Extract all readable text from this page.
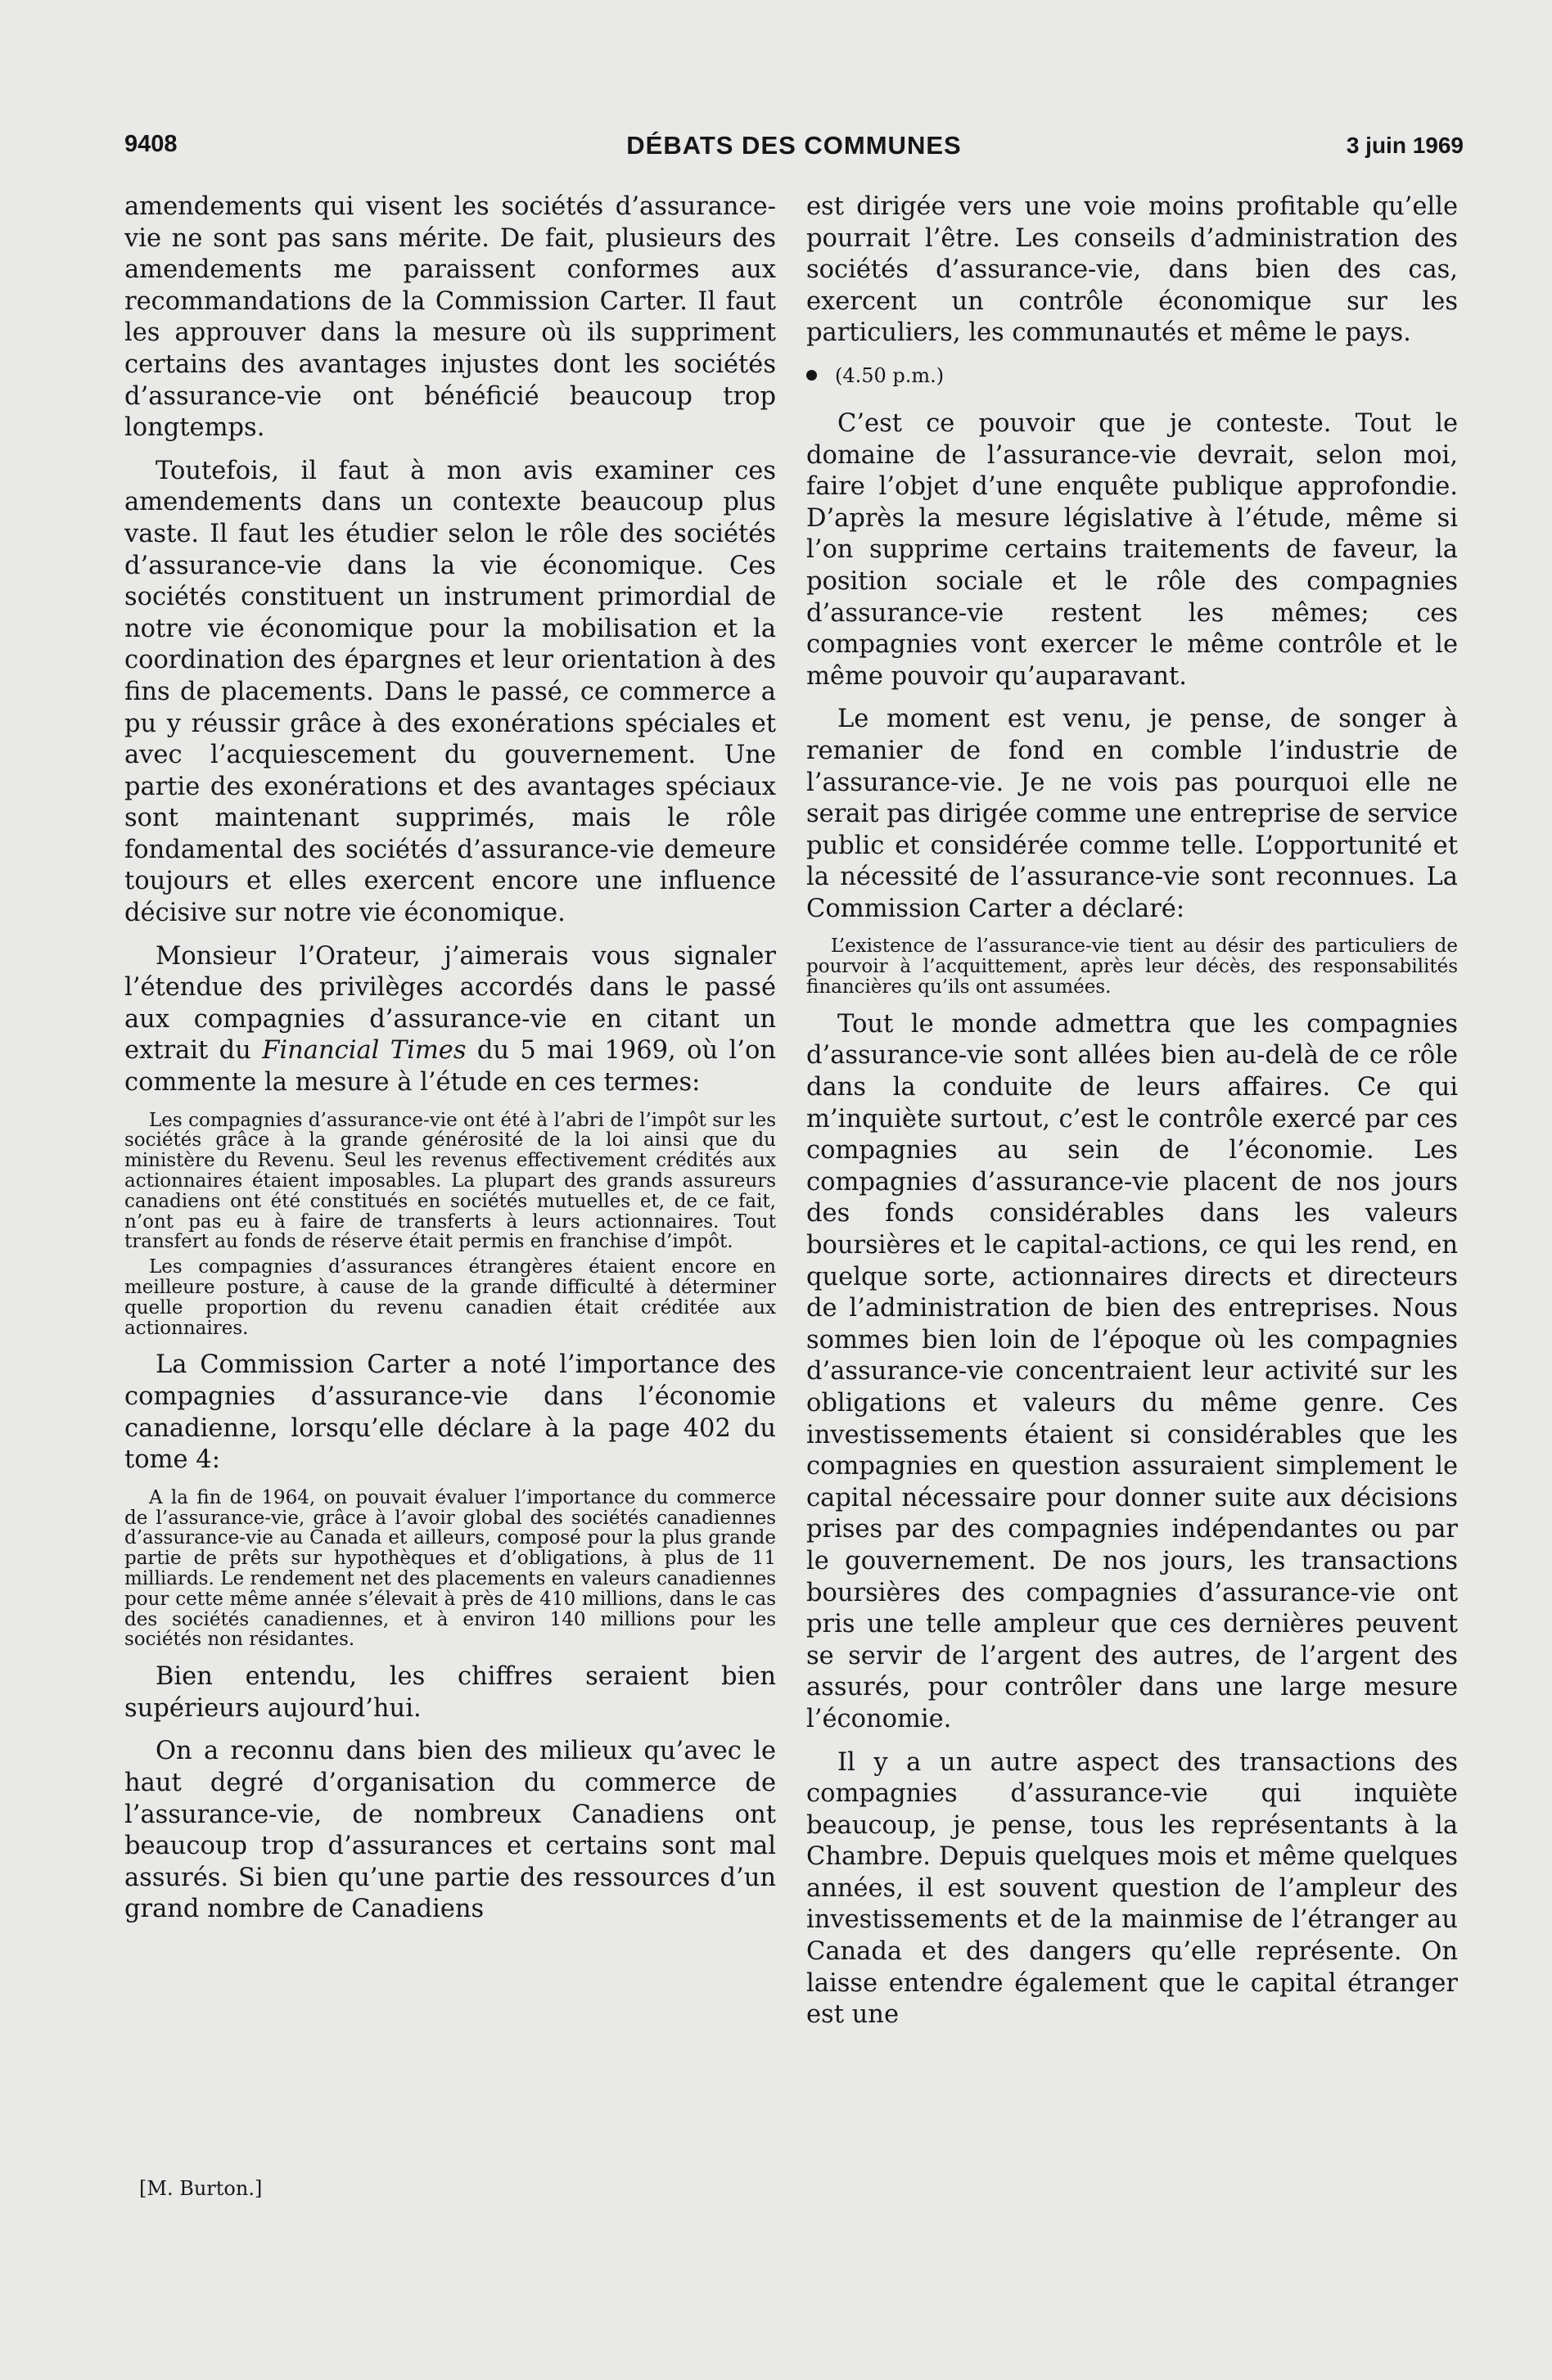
9408	DÉBATS DES COMMUNES	3 juin 1969

amendements qui visent les sociétés d’assurance-vie ne sont pas sans mérite. De fait, plusieurs des amendements me paraissent conformes aux recommandations de la Commission Carter. Il faut les approuver dans la mesure où ils suppriment certains des avantages injustes dont les sociétés d’assurance-vie ont bénéficié beaucoup trop longtemps.

Toutefois, il faut à mon avis examiner ces amendements dans un contexte beaucoup plus vaste. Il faut les étudier selon le rôle des sociétés d’assurance-vie dans la vie économique. Ces sociétés constituent un instrument primordial de notre vie économique pour la mobilisation et la coordination des épargnes et leur orientation à des fins de placements. Dans le passé, ce commerce a pu y réussir grâce à des exonérations spéciales et avec l’acquiescement du gouvernement. Une partie des exonérations et des avantages spéciaux sont maintenant supprimés, mais le rôle fondamental des sociétés d’assurance-vie demeure toujours et elles exercent encore une influence décisive sur notre vie économique.

Monsieur l’Orateur, j’aimerais vous signaler l’étendue des privilèges accordés dans le passé aux compagnies d’assurance-vie en citant un extrait du Financial Times du 5 mai 1969, où l’on commente la mesure à l’étude en ces termes:

Les compagnies d’assurance-vie ont été à l’abri de l’impôt sur les sociétés grâce à la grande générosité de la loi ainsi que du ministère du Revenu. Seul les revenus effectivement crédités aux actionnaires étaient imposables. La plupart des grands assureurs canadiens ont été constitués en sociétés mutuelles et, de ce fait, n’ont pas eu à faire de transferts à leurs actionnaires. Tout transfert au fonds de réserve était permis en franchise d’impôt.
Les compagnies d’assurances étrangères étaient encore en meilleure posture, à cause de la grande difficulté à déterminer quelle proportion du revenu canadien était créditée aux actionnaires.

La Commission Carter a noté l’importance des compagnies d’assurance-vie dans l’économie canadienne, lorsqu’elle déclare à la page 402 du tome 4:

A la fin de 1964, on pouvait évaluer l’importance du commerce de l’assurance-vie, grâce à l’avoir global des sociétés canadiennes d’assurance-vie au Canada et ailleurs, composé pour la plus grande partie de prêts sur hypothèques et d’obligations, à plus de 11 milliards. Le rendement net des placements en valeurs canadiennes pour cette même année s’élevait à près de 410 millions, dans le cas des sociétés canadiennes, et à environ 140 millions pour les sociétés non résidantes.

Bien entendu, les chiffres seraient bien supérieurs aujourd’hui.

On a reconnu dans bien des milieux qu’avec le haut degré d’organisation du commerce de l’assurance-vie, de nombreux Canadiens ont beaucoup trop d’assurances et certains sont mal assurés. Si bien qu’une partie des ressources d’un grand nombre de Canadiens

[M. Burton.]

est dirigée vers une voie moins profitable qu’elle pourrait l’être. Les conseils d’administration des sociétés d’assurance-vie, dans bien des cas, exercent un contrôle économique sur les particuliers, les communautés et même le pays.

(4.50 p.m.)

C’est ce pouvoir que je conteste. Tout le domaine de l’assurance-vie devrait, selon moi, faire l’objet d’une enquête publique approfondie. D’après la mesure législative à l’étude, même si l’on supprime certains traitements de faveur, la position sociale et le rôle des compagnies d’assurance-vie restent les mêmes; ces compagnies vont exercer le même contrôle et le même pouvoir qu’auparavant.

Le moment est venu, je pense, de songer à remanier de fond en comble l’industrie de l’assurance-vie. Je ne vois pas pourquoi elle ne serait pas dirigée comme une entreprise de service public et considérée comme telle. L’opportunité et la nécessité de l’assurance-vie sont reconnues. La Commission Carter a déclaré:

L’existence de l’assurance-vie tient au désir des particuliers de pourvoir à l’acquittement, après leur décès, des responsabilités financières qu’ils ont assumées.

Tout le monde admettra que les compagnies d’assurance-vie sont allées bien au-delà de ce rôle dans la conduite de leurs affaires. Ce qui m’inquiète surtout, c’est le contrôle exercé par ces compagnies au sein de l’économie. Les compagnies d’assurance-vie placent de nos jours des fonds considérables dans les valeurs boursières et le capital-actions, ce qui les rend, en quelque sorte, actionnaires directs et directeurs de l’administration de bien des entreprises. Nous sommes bien loin de l’époque où les compagnies d’assurance-vie concentraient leur activité sur les obligations et valeurs du même genre. Ces investissements étaient si considérables que les compagnies en question assuraient simplement le capital nécessaire pour donner suite aux décisions prises par des compagnies indépendantes ou par le gouvernement. De nos jours, les transactions boursières des compagnies d’assurance-vie ont pris une telle ampleur que ces dernières peuvent se servir de l’argent des autres, de l’argent des assurés, pour contrôler dans une large mesure l’économie.

Il y a un autre aspect des transactions des compagnies d’assurance-vie qui inquiète beaucoup, je pense, tous les représentants à la Chambre. Depuis quelques mois et même quelques années, il est souvent question de l’ampleur des investissements et de la mainmise de l’étranger au Canada et des dangers qu’elle représente. On laisse entendre également que le capital étranger est une
